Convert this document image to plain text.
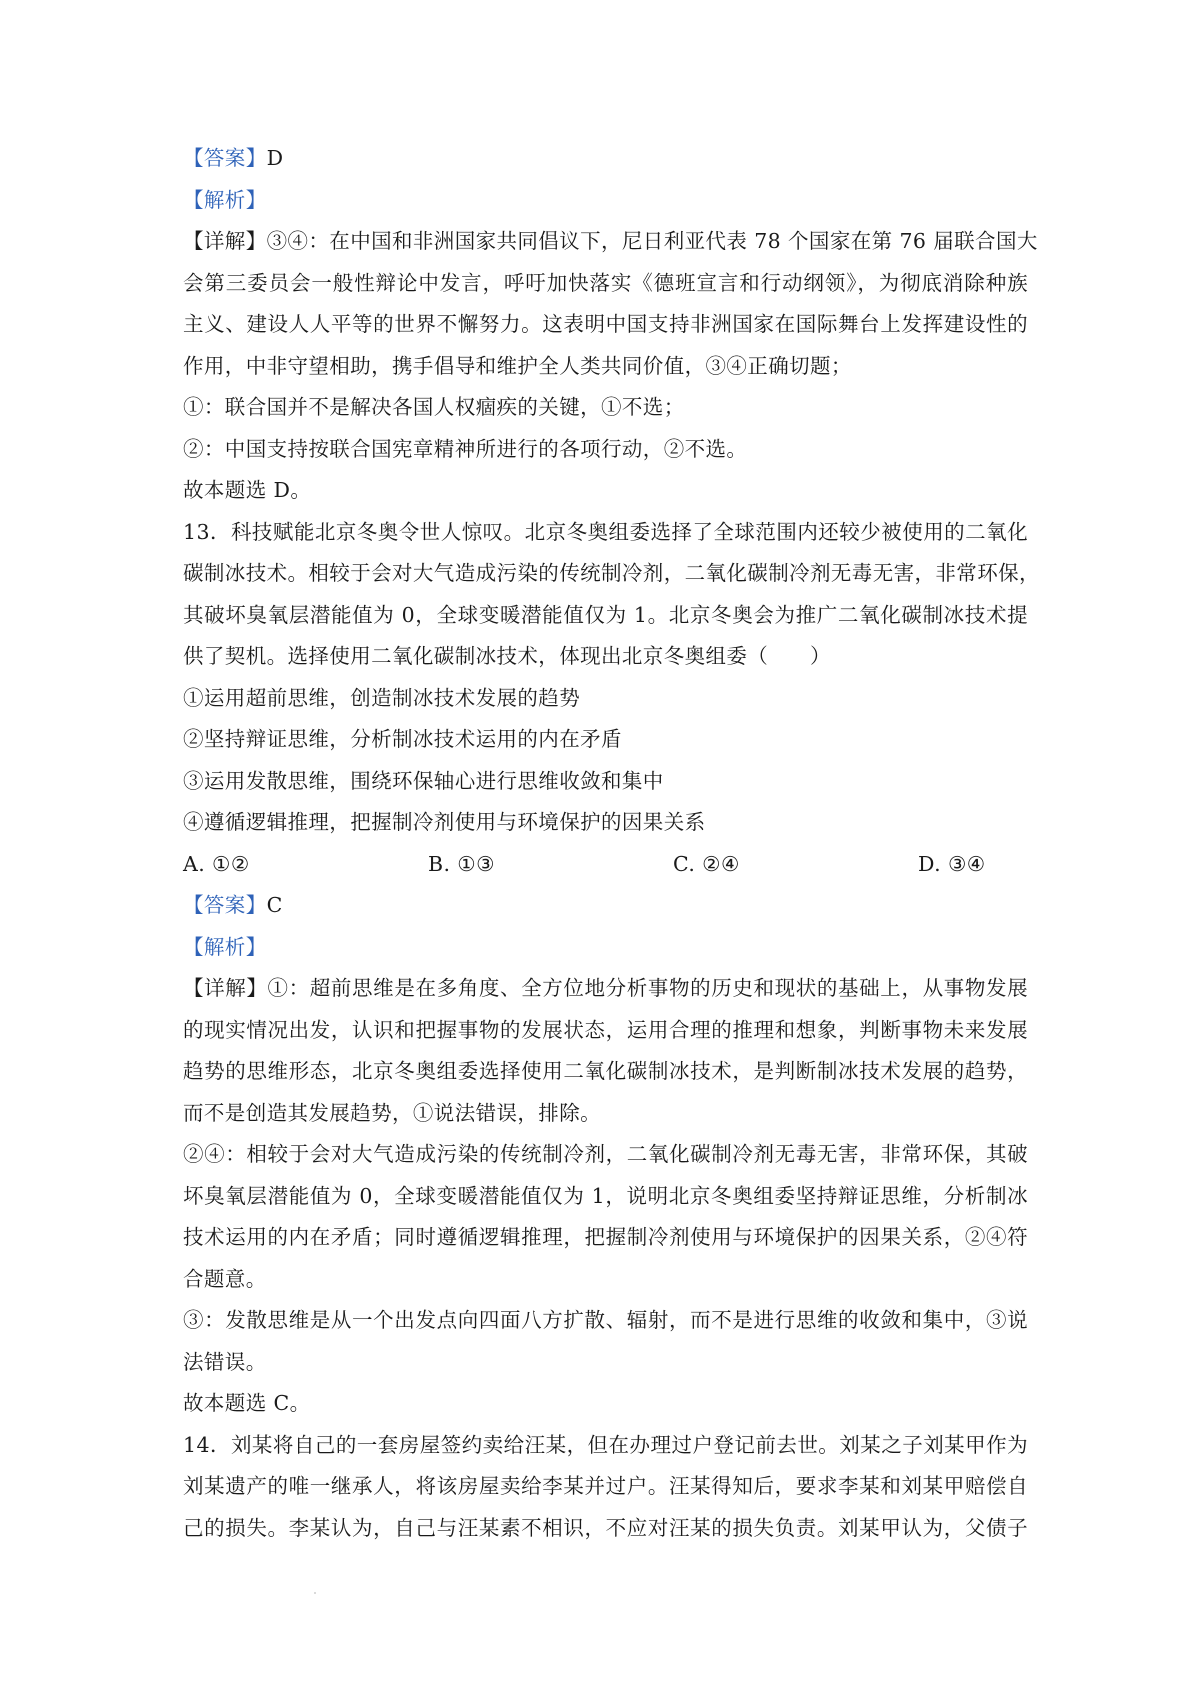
【答案】D
【解析】
【详解】③④：在中国和非洲国家共同倡议下，尼日利亚代表 78 个国家在第 76 届联合国大
会第三委员会一般性辩论中发言，呼吁加快落实《德班宣言和行动纲领》，为彻底消除种族
主义、建设人人平等的世界不懈努力。这表明中国支持非洲国家在国际舞台上发挥建设性的
作用，中非守望相助，携手倡导和维护全人类共同价值，③④正确切题；
①：联合国并不是解决各国人权痼疾的关键，①不选；
②：中国支持按联合国宪章精神所进行的各项行动，②不选。
故本题选 D。
13．科技赋能北京冬奥令世人惊叹。北京冬奥组委选择了全球范围内还较少被使用的二氧化
碳制冰技术。相较于会对大气造成污染的传统制冷剂，二氧化碳制冷剂无毒无害，非常环保，
其破坏臭氧层潜能值为 0，全球变暖潜能值仅为 1。北京冬奥会为推广二氧化碳制冰技术提
供了契机。选择使用二氧化碳制冰技术，体现出北京冬奥组委（　　）
①运用超前思维，创造制冰技术发展的趋势
②坚持辩证思维，分析制冰技术运用的内在矛盾
③运用发散思维，围绕环保轴心进行思维收敛和集中
④遵循逻辑推理，把握制冷剂使用与环境保护的因果关系
A. ①②	B. ①③	C. ②④	D. ③④
【答案】C
【解析】
【详解】①：超前思维是在多角度、全方位地分析事物的历史和现状的基础上，从事物发展
的现实情况出发，认识和把握事物的发展状态，运用合理的推理和想象，判断事物未来发展
趋势的思维形态，北京冬奥组委选择使用二氧化碳制冰技术，是判断制冰技术发展的趋势，
而不是创造其发展趋势，①说法错误，排除。
②④：相较于会对大气造成污染的传统制冷剂，二氧化碳制冷剂无毒无害，非常环保，其破
坏臭氧层潜能值为 0，全球变暖潜能值仅为 1，说明北京冬奥组委坚持辩证思维，分析制冰
技术运用的内在矛盾；同时遵循逻辑推理，把握制冷剂使用与环境保护的因果关系，②④符
合题意。
③：发散思维是从一个出发点向四面八方扩散、辐射，而不是进行思维的收敛和集中，③说
法错误。
故本题选 C。
14．刘某将自己的一套房屋签约卖给汪某，但在办理过户登记前去世。刘某之子刘某甲作为
刘某遗产的唯一继承人，将该房屋卖给李某并过户。汪某得知后，要求李某和刘某甲赔偿自
己的损失。李某认为，自己与汪某素不相识，不应对汪某的损失负责。刘某甲认为，父债子
